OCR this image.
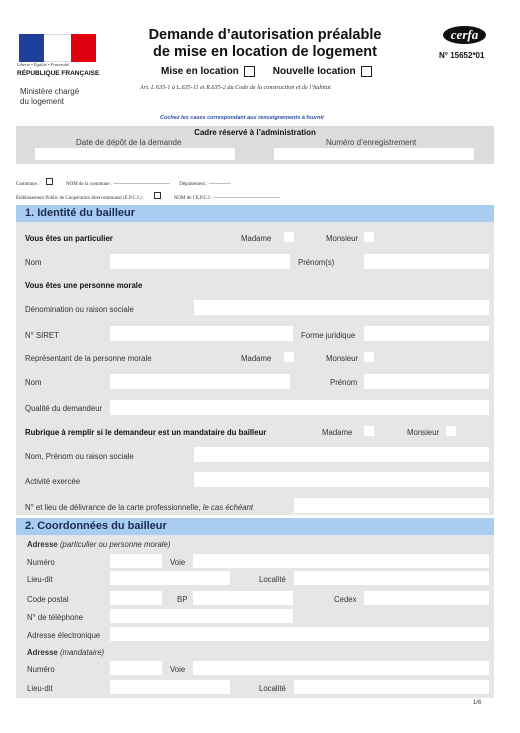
Liberté • Égalité • Fraternité
RÉPUBLIQUE FRANÇAISE
Ministère chargé
du logement
Demande d’autorisation préalable
de mise en location de logement
cerfa
N° 15652*01
Mise en location	Nouvelle location
Art. L 635-1 à L.635-11 et R.635-2 du Code de la construction et de l’habitat
Cochez les cases correspondant aux renseignements à fournir
Cadre réservé à l’administration
Date de dépôt de la demande	Numéro d’enregistrement
Commune :	NOM de la commune : ---------------------------------- Département : -------------
Établissement Public de Coopération Intercommunal (E.P.C.I.) :	NOM de l’E.P.C.I : ----------------------------------------
1. Identité du bailleur
Vous êtes un particulier	Madame	Monsieur
Nom	Prénom(s)
Vous êtes une personne morale
Dénomination ou raison sociale
N° SIRET	Forme juridique
Représentant de la personne morale	Madame	Monsieur
Nom	Prénom
Qualité du demandeur
Rubrique à remplir si le demandeur est un mandataire du bailleur	Madame	Monsieur
Nom, Prénom ou raison sociale
Activité exercée
N° et lieu de délivrance de la carte professionnelle, le cas échéant
2. Coordonnées du bailleur
Adresse (particulier ou personne morale)
Numéro	Voie
Lieu-dit	Localité
Code postal	BP	Cedex
N° de téléphone
Adresse électronique
Adresse (mandataire)
Numéro	Voie
Lieu-dit	Localité
1/6
